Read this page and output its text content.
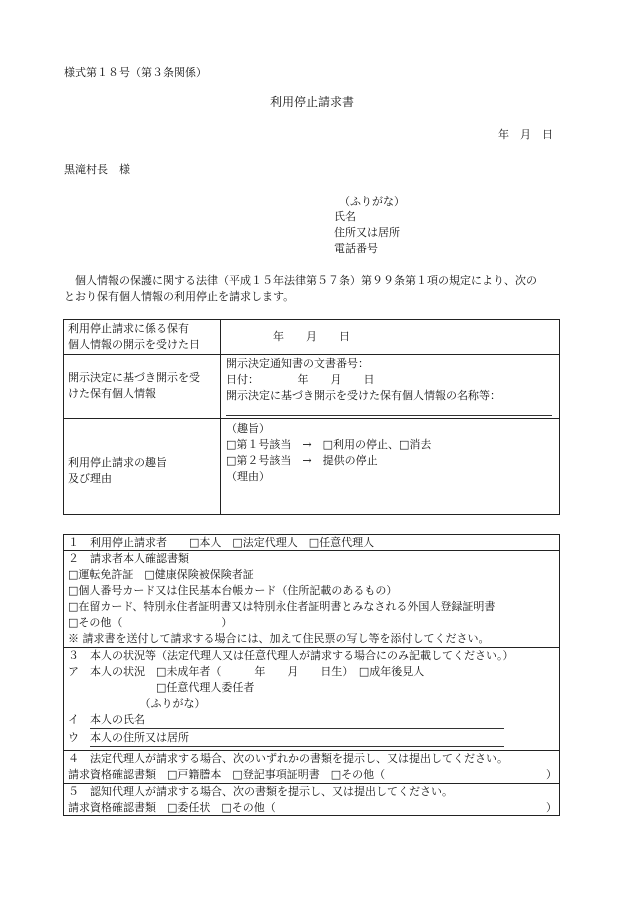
様式第１８号（第３条関係）
利用停止請求書
年　月　日
黒滝村長　様
（ふりがな）
氏名
住所又は居所
電話番号
　個人情報の保護に関する法律（平成１５年法律第５７条）第９９条第１項の規定により、次の
とおり保有個人情報の利用停止を請求します。
利用停止請求に係る保有
個人情報の開示を受けた日
年　　月　　日
開示決定に基づき開示を受
けた保有個人情報
開示決定通知書の文書番号：
日付：　　　　年　　月　　日
開示決定に基づき開示を受けた保有個人情報の名称等：
利用停止請求の趣旨
及び理由
（趣旨）
□第１号該当　→　□利用の停止、□消去
□第２号該当　→　提供の停止
（理由）
１　利用停止請求者　　□本人　□法定代理人　□任意代理人
２　請求者本人確認書類
□運転免許証　□健康保険被保険者証
□個人番号カード又は住民基本台帳カード（住所記載のあるもの）
□在留カード、特別永住者証明書又は特別永住者証明書とみなされる外国人登録証明書
□その他（　　　　　　　　　）
※ 請求書を送付して請求する場合には、加えて住民票の写し等を添付してください。
３　本人の状況等（法定代理人又は任意代理人が請求する場合にのみ記載してください。）
ア　本人の状況　□未成年者（　　　年　　月　　日生）　□成年後見人
　　　　　　　　□任意代理人委任者
　　　　　　　（ふりがな）
イ　本人の氏名
ウ　本人の住所又は居所
４　法定代理人が請求する場合、次のいずれかの書類を提示し、又は提出してください。
請求資格確認書類　□戸籍謄本　□登記事項証明書　□その他（	）
５　認知代理人が請求する場合、次の書類を提示し、又は提出してください。
請求資格確認書類　□委任状　□その他（	）
